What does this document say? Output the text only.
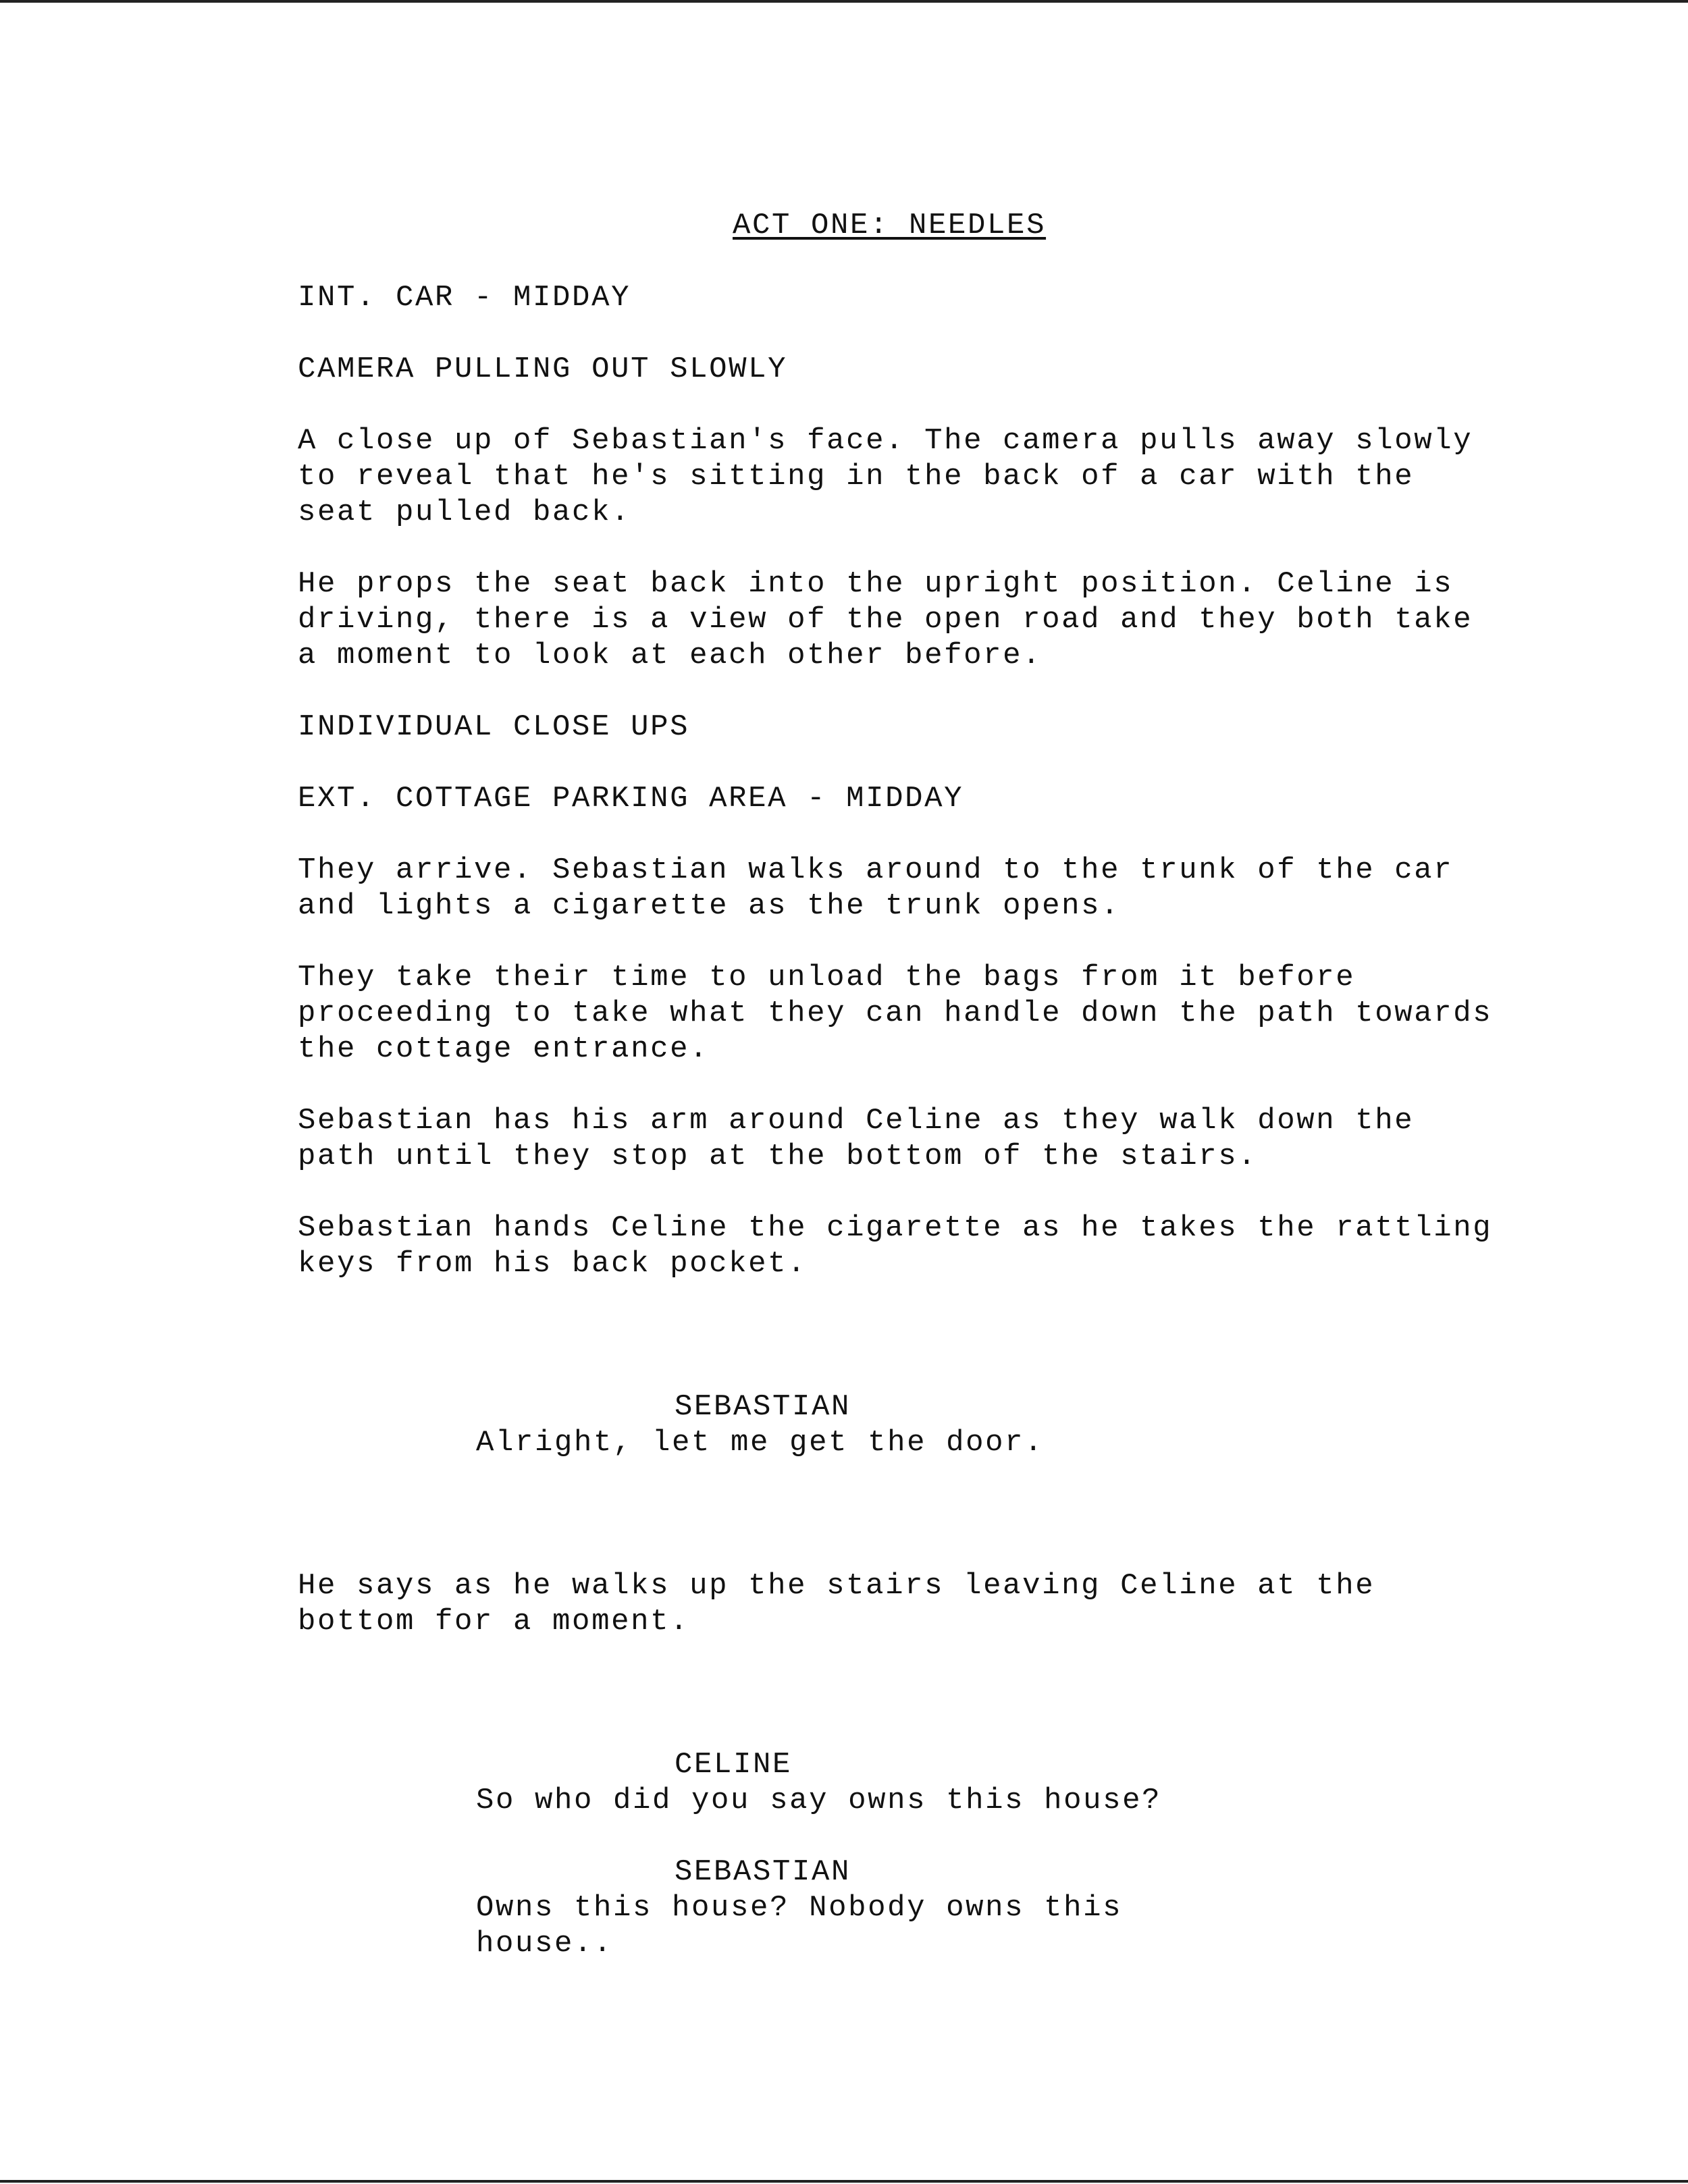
ACT ONE: NEEDLES
INT. CAR - MIDDAY
CAMERA PULLING OUT SLOWLY
A close up of Sebastian's face. The camera pulls away slowly
to reveal that he's sitting in the back of a car with the
seat pulled back.
He props the seat back into the upright position. Celine is
driving, there is a view of the open road and they both take
a moment to look at each other before.
INDIVIDUAL CLOSE UPS
EXT. COTTAGE PARKING AREA - MIDDAY
They arrive. Sebastian walks around to the trunk of the car
and lights a cigarette as the trunk opens.
They take their time to unload the bags from it before
proceeding to take what they can handle down the path towards
the cottage entrance.
Sebastian has his arm around Celine as they walk down the
path until they stop at the bottom of the stairs.
Sebastian hands Celine the cigarette as he takes the rattling
keys from his back pocket.
SEBASTIAN
Alright, let me get the door.
He says as he walks up the stairs leaving Celine at the
bottom for a moment.
CELINE
So who did you say owns this house?
SEBASTIAN
Owns this house? Nobody owns this
house..
